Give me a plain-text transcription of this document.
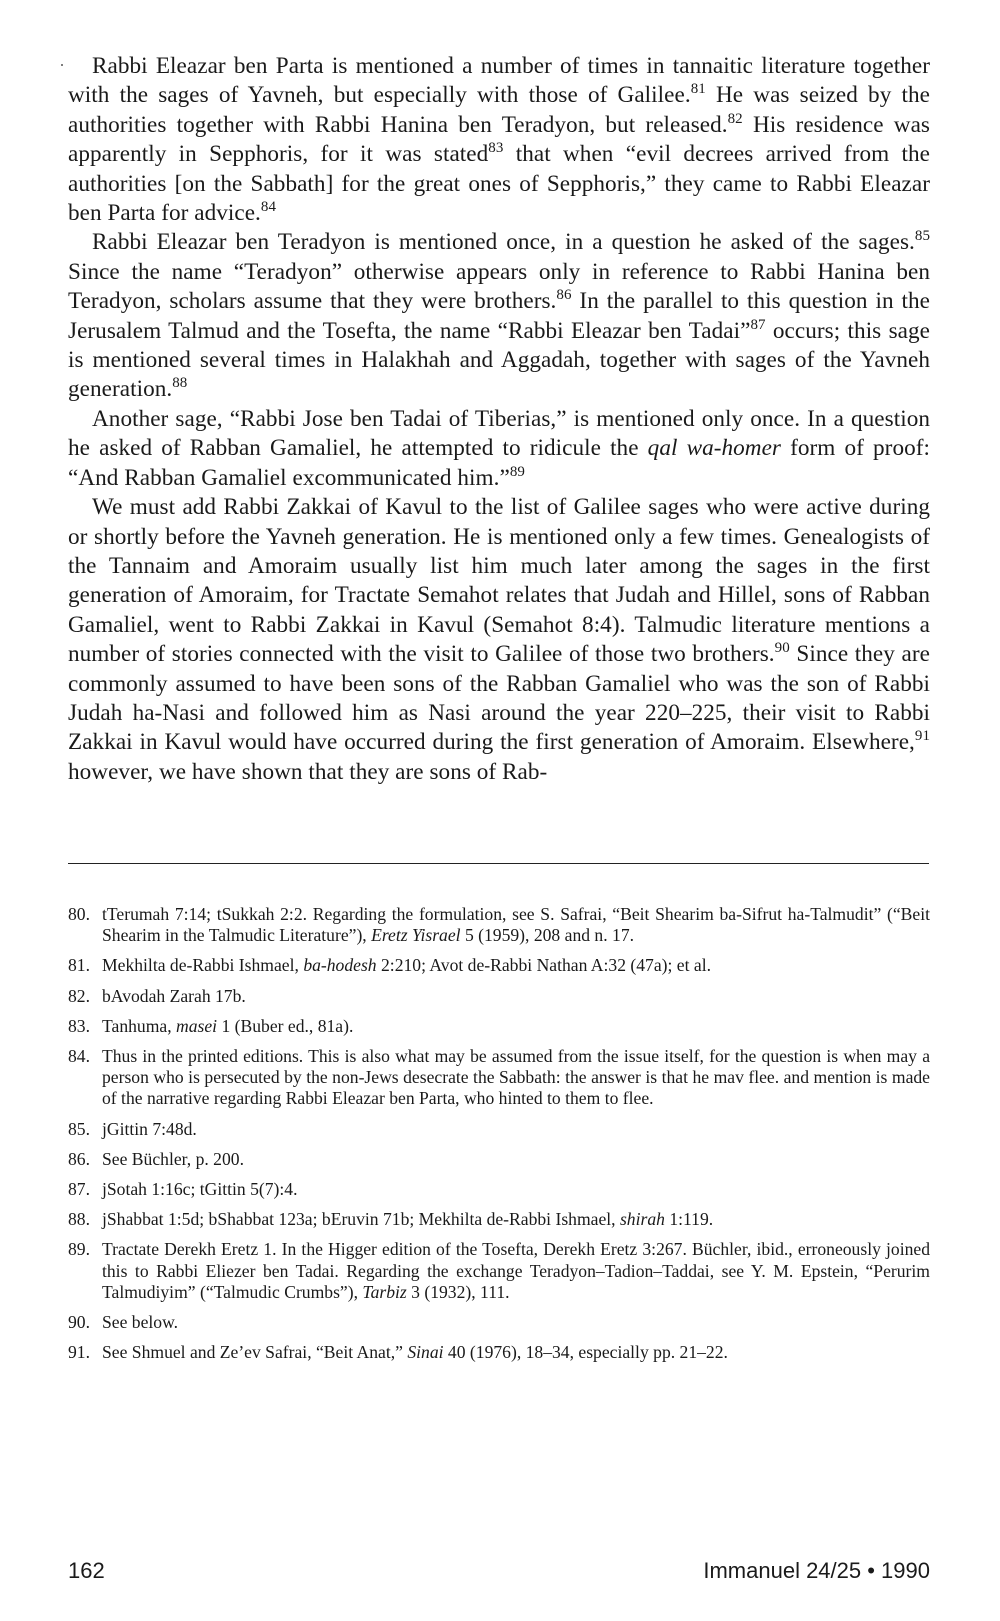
Rabbi Eleazar ben Parta is mentioned a number of times in tannaitic literature together with the sages of Yavneh, but especially with those of Galilee.$^{81}$ He was seized by the authorities together with Rabbi Hanina ben Teradyon, but released.$^{82}$ His residence was apparently in Sepphoris, for it was stated$^{83}$ that when “evil decrees arrived from the authorities [on the Sabbath] for the great ones of Sepphoris,” they came to Rabbi Eleazar ben Parta for advice.$^{84}$

Rabbi Eleazar ben Teradyon is mentioned once, in a question he asked of the sages.$^{85}$ Since the name “Teradyon” otherwise appears only in reference to Rabbi Hanina ben Teradyon, scholars assume that they were brothers.$^{86}$ In the parallel to this question in the Jerusalem Talmud and the Tosefta, the name “Rabbi Eleazar ben Tadai”$^{87}$ occurs; this sage is mentioned several times in Halakhah and Aggadah, together with sages of the Yavneh generation.$^{88}$

Another sage, “Rabbi Jose ben Tadai of Tiberias,” is mentioned only once. In a question he asked of Rabban Gamaliel, he attempted to ridicule the qal wa-homer form of proof: “And Rabban Gamaliel excommunicated him.”$^{89}$

We must add Rabbi Zakkai of Kavul to the list of Galilee sages who were active during or shortly before the Yavneh generation. He is mentioned only a few times. Genealogists of the Tannaim and Amoraim usually list him much later among the sages in the first generation of Amoraim, for Tractate Semahot relates that Judah and Hillel, sons of Rabban Gamaliel, went to Rabbi Zakkai in Kavul (Semahot 8:4). Talmudic literature mentions a number of stories connected with the visit to Galilee of those two brothers.$^{90}$ Since they are commonly assumed to have been sons of the Rabban Gamaliel who was the son of Rabbi Judah ha-Nasi and followed him as Nasi around the year 220–225, their visit to Rabbi Zakkai in Kavul would have occurred during the first generation of Amoraim. Elsewhere,$^{91}$ however, we have shown that they are sons of Rab-

80. tTerumah 7:14; tSukkah 2:2. Regarding the formulation, see S. Safrai, “Beit Shearim ba-Sifrut ha-Talmudit” (“Beit Shearim in the Talmudic Literature”), Eretz Yisrael 5 (1959), 208 and n. 17.
81. Mekhilta de-Rabbi Ishmael, ba-hodesh 2:210; Avot de-Rabbi Nathan A:32 (47a); et al.
82. bAvodah Zarah 17b.
83. Tanhuma, masei 1 (Buber ed., 81a).
84. Thus in the printed editions. This is also what may be assumed from the issue itself, for the question is when may a person who is persecuted by the non-Jews desecrate the Sabbath: the answer is that he mav flee. and mention is made of the narrative regarding Rabbi Eleazar ben Parta, who hinted to them to flee.
85. jGittin 7:48d.
86. See Büchler, p. 200.
87. jSotah 1:16c; tGittin 5(7):4.
88. jShabbat 1:5d; bShabbat 123a; bEruvin 71b; Mekhilta de-Rabbi Ishmael, shirah 1:119.
89. Tractate Derekh Eretz 1. In the Higger edition of the Tosefta, Derekh Eretz 3:267. Büchler, ibid., erroneously joined this to Rabbi Eliezer ben Tadai. Regarding the exchange Teradyon–Tadion–Taddai, see Y. M. Epstein, “Perurim Talmudiyim” (“Talmudic Crumbs”), Tarbiz 3 (1932), 111.
90. See below.
91. See Shmuel and Ze’ev Safrai, “Beit Anat,” Sinai 40 (1976), 18–34, especially pp. 21–22.
162	Immanuel 24/25 • 1990
